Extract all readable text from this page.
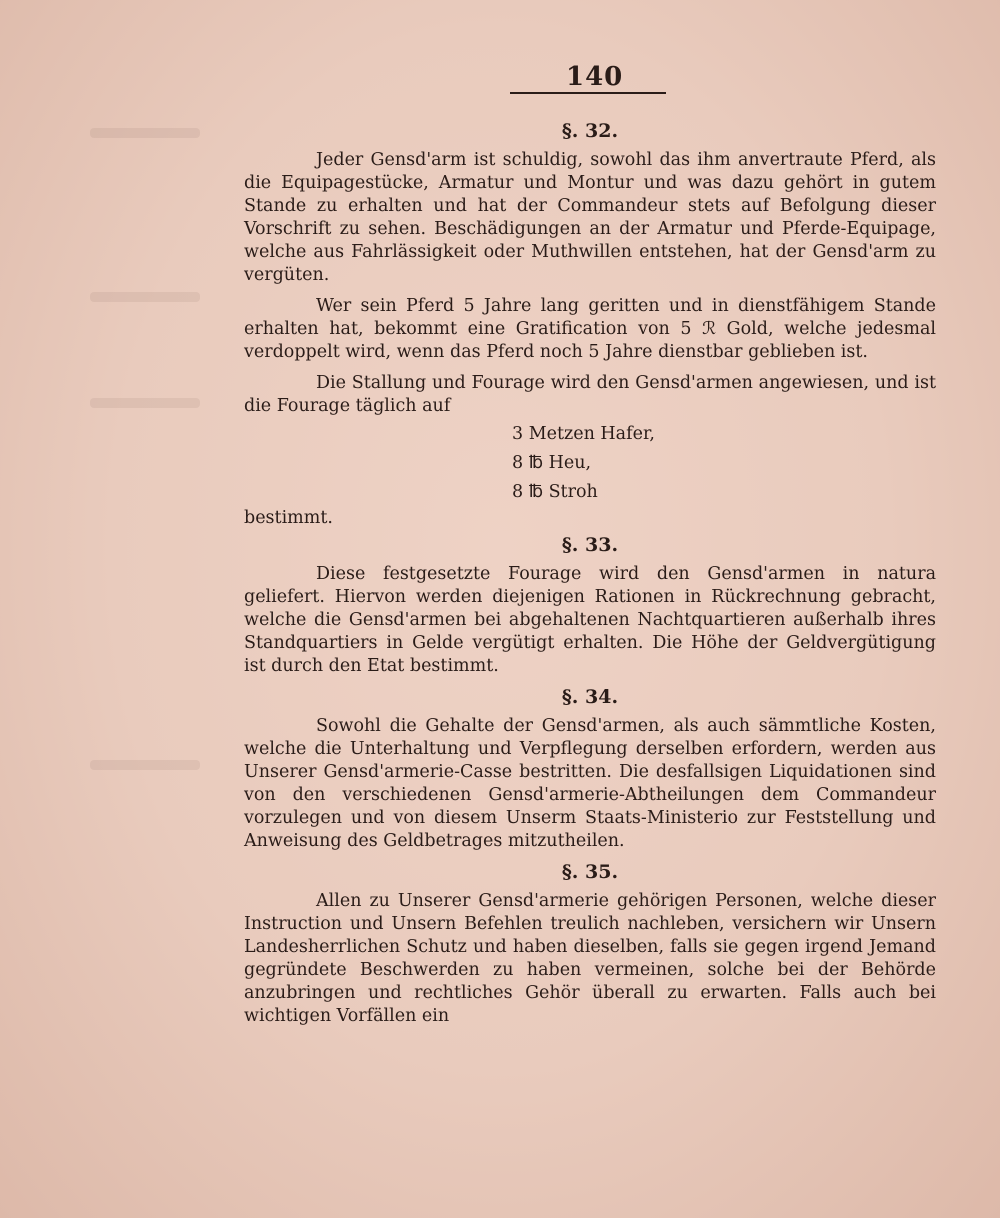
140
§. 32.

Jeder Gensd'arm ist schuldig, sowohl das ihm anvertraute Pferd, als die Equipagestücke, Armatur und Montur und was dazu gehört in gutem Stande zu erhalten und hat der Commandeur stets auf Befolgung dieser Vorschrift zu sehen. Beschädigungen an der Armatur und Pferde-Equipage, welche aus Fahrlässigkeit oder Muthwillen entstehen, hat der Gensd'arm zu vergüten.

Wer sein Pferd 5 Jahre lang geritten und in dienstfähigem Stande erhalten hat, bekommt eine Gratification von 5 ℛ Gold, welche jedesmal verdoppelt wird, wenn das Pferd noch 5 Jahre dienstbar geblieben ist.

Die Stallung und Fourage wird den Gensd'armen angewiesen, und ist die Fourage täglich auf

3 Metzen Hafer,
8 ℔ Heu,
8 ℔ Stroh
bestimmt.
§. 33.

Diese festgesetzte Fourage wird den Gensd'armen in natura geliefert. Hiervon werden diejenigen Rationen in Rückrechnung gebracht, welche die Gensd'armen bei abgehaltenen Nachtquartieren außerhalb ihres Standquartiers in Gelde vergütigt erhalten. Die Höhe der Geldvergütigung ist durch den Etat bestimmt.

§. 34.

Sowohl die Gehalte der Gensd'armen, als auch sämmtliche Kosten, welche die Unterhaltung und Verpflegung derselben erfordern, werden aus Unserer Gensd'armerie-Casse bestritten. Die desfallsigen Liquidationen sind von den verschiedenen Gensd'armerie-Abtheilungen dem Commandeur vorzulegen und von diesem Unserm Staats-Ministerio zur Feststellung und Anweisung des Geldbetrages mitzutheilen.

§. 35.

Allen zu Unserer Gensd'armerie gehörigen Personen, welche dieser Instruction und Unsern Befehlen treulich nachleben, versichern wir Unsern Landesherrlichen Schutz und haben dieselben, falls sie gegen irgend Jemand gegründete Beschwerden zu haben vermeinen, solche bei der Behörde anzubringen und rechtliches Gehör überall zu erwarten. Falls auch bei wichtigen Vorfällen ein
